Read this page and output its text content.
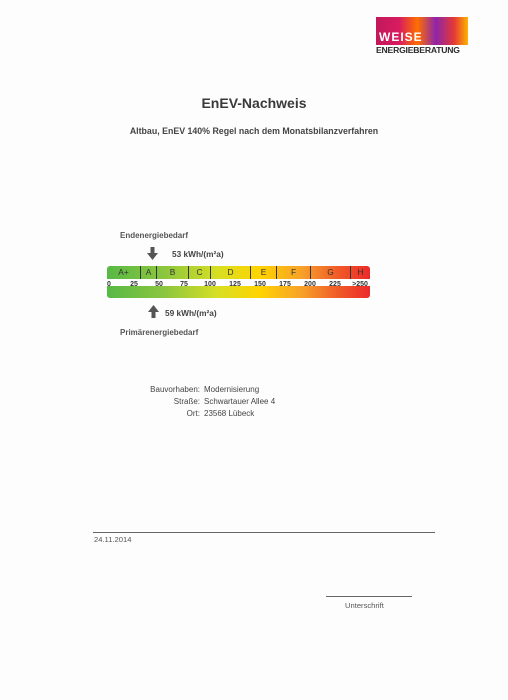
WEISE
ENERGIEBERATUNG
EnEV-Nachweis
Altbau, EnEV 140% Regel nach dem Monatsbilanzverfahren
Endenergiebedarf
53 kWh/(m²a)
A+	A	B	C	D	E	F	G	H
0	25 50 75 100 125 150 175 200 225 >250
59 kWh/(m²a)
Primärenergiebedarf
Bauvorhaben: Modernisierung
Straße: Schwartauer Allee 4
Ort: 23568 Lübeck
24.11.2014
Unterschrift
